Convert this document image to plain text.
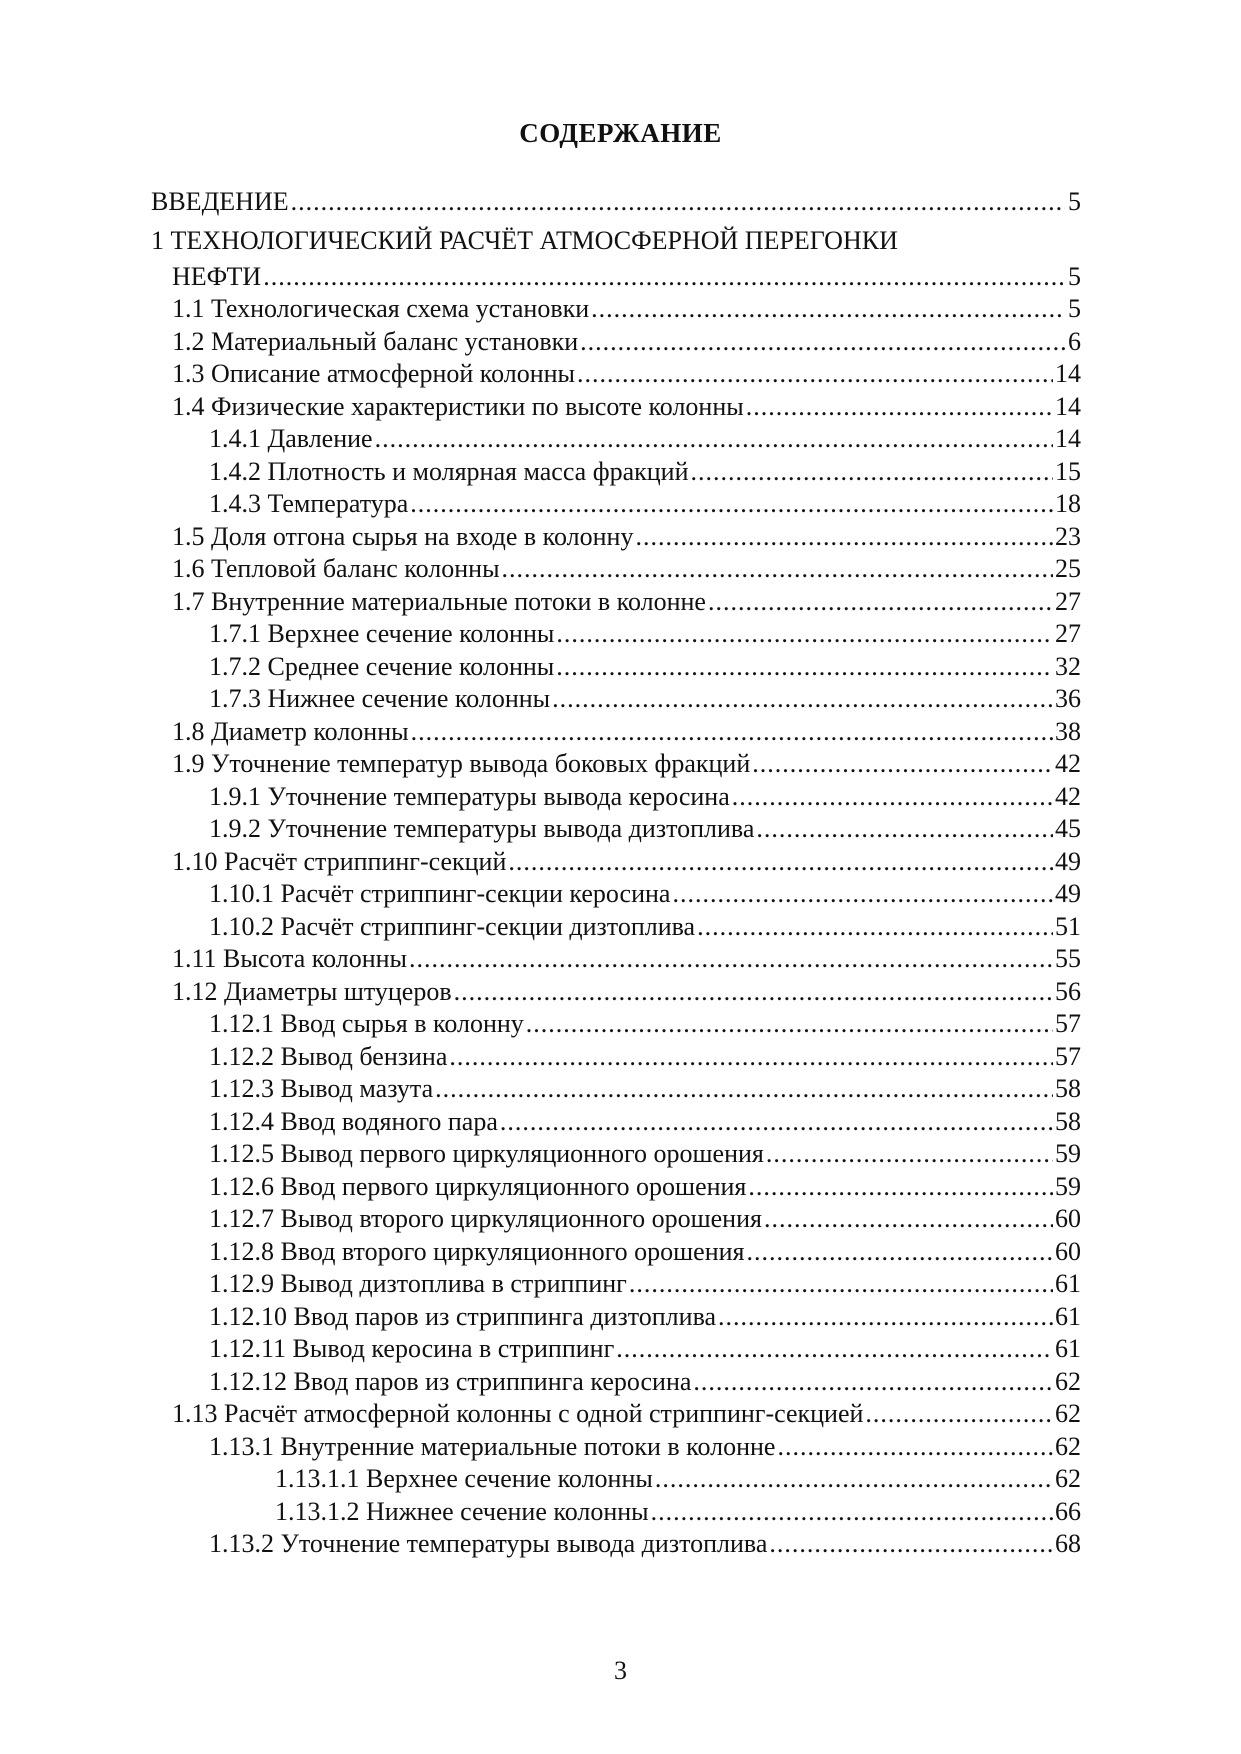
СОДЕРЖАНИЕ
ВВЕДЕНИЕ .....	5
1 ТЕХНОЛОГИЧЕСКИЙ РАСЧЁТ АТМОСФЕРНОЙ ПЕРЕГОНКИ
НЕФТИ .....	5
1.1 Технологическая схема установки .....	5
1.2 Материальный баланс установки .....	6
1.3 Описание атмосферной колонны .....	14
1.4 Физические характеристики по высоте колонны .....	14
1.4.1 Давление .....	14
1.4.2 Плотность и молярная масса фракций .....	15
1.4.3 Температура .....	18
1.5 Доля отгона сырья на входе в колонну .....	23
1.6 Тепловой баланс колонны .....	25
1.7 Внутренние материальные потоки в колонне .....	27
1.7.1 Верхнее сечение колонны .....	27
1.7.2 Среднее сечение колонны .....	32
1.7.3 Нижнее сечение колонны .....	36
1.8 Диаметр колонны .....	38
1.9 Уточнение температур вывода боковых фракций .....	42
1.9.1 Уточнение температуры вывода керосина .....	42
1.9.2 Уточнение температуры вывода дизтоплива .....	45
1.10 Расчёт стриппинг-секций .....	49
1.10.1 Расчёт стриппинг-секции керосина .....	49
1.10.2 Расчёт стриппинг-секции дизтоплива .....	51
1.11 Высота колонны .....	55
1.12 Диаметры штуцеров .....	56
1.12.1 Ввод сырья в колонну .....	57
1.12.2 Вывод бензина .....	57
1.12.3 Вывод мазута .....	58
1.12.4 Ввод водяного пара .....	58
1.12.5 Вывод первого циркуляционного орошения .....	59
1.12.6 Ввод первого циркуляционного орошения .....	59
1.12.7 Вывод второго циркуляционного орошения .....	60
1.12.8 Ввод второго циркуляционного орошения .....	60
1.12.9 Вывод дизтоплива в стриппинг .....	61
1.12.10 Ввод паров из стриппинга дизтоплива .....	61
1.12.11 Вывод керосина в стриппинг .....	61
1.12.12 Ввод паров из стриппинга керосина .....	62
1.13 Расчёт атмосферной колонны с одной стриппинг-секцией .....	62
1.13.1 Внутренние материальные потоки в колонне .....	62
1.13.1.1 Верхнее сечение колонны .....	62
1.13.1.2 Нижнее сечение колонны .....	66
1.13.2 Уточнение температуры вывода дизтоплива .....	68
3
